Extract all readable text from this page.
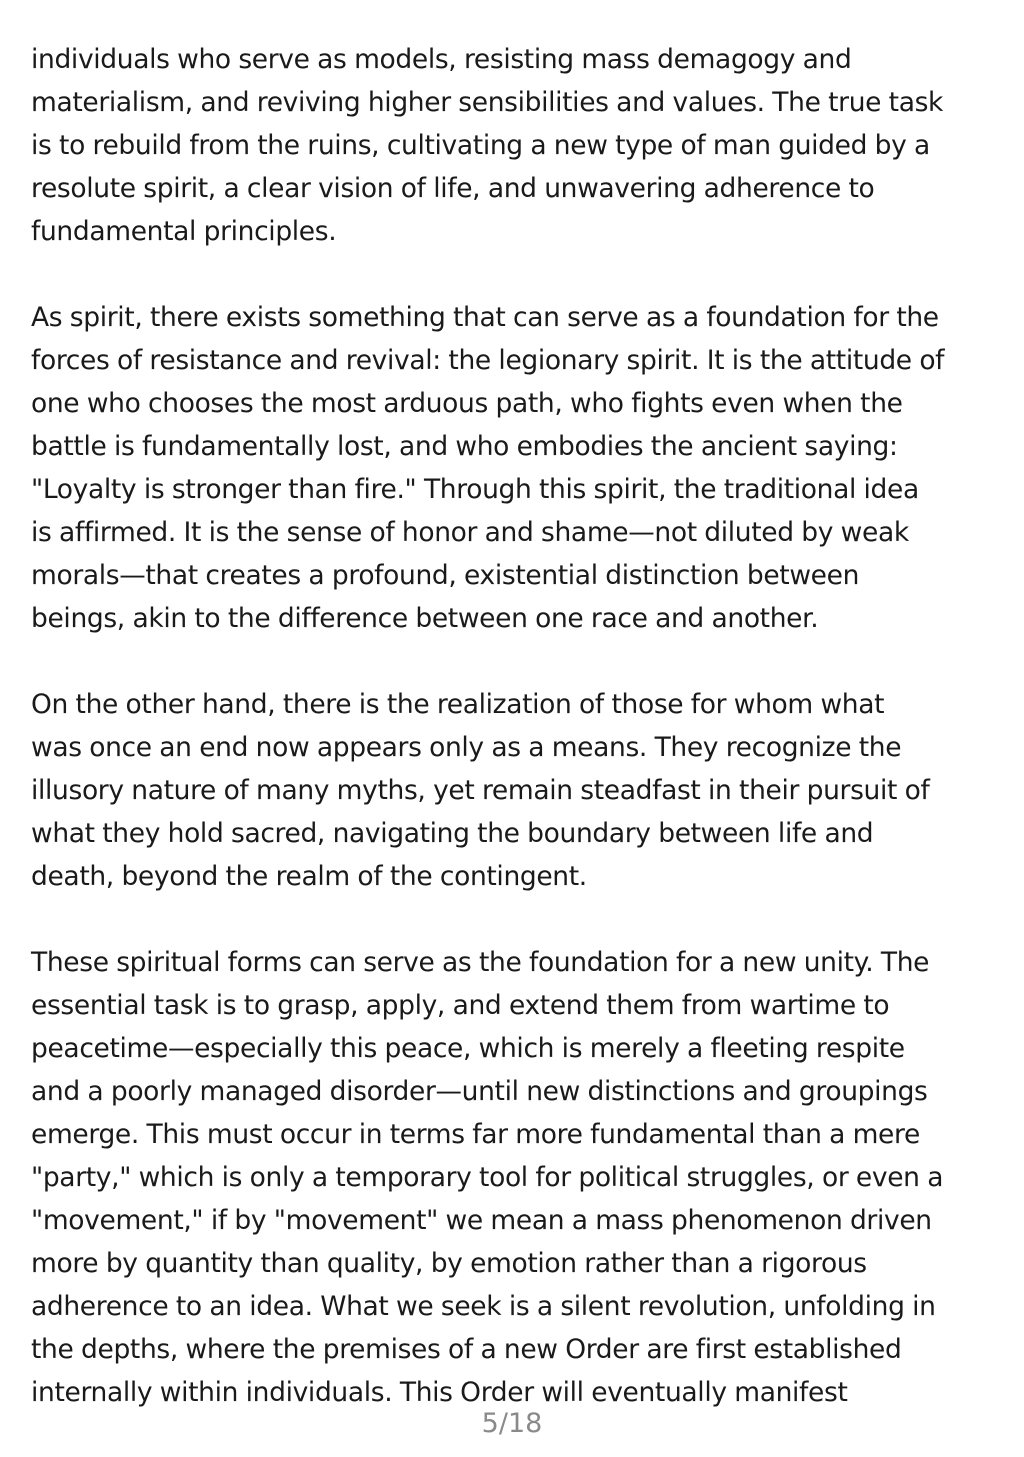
individuals who serve as models, resisting mass demagogy and
materialism, and reviving higher sensibilities and values. The true task
is to rebuild from the ruins, cultivating a new type of man guided by a
resolute spirit, a clear vision of life, and unwavering adherence to
fundamental principles.

As spirit, there exists something that can serve as a foundation for the
forces of resistance and revival: the legionary spirit. It is the attitude of
one who chooses the most arduous path, who fights even when the
battle is fundamentally lost, and who embodies the ancient saying:
"Loyalty is stronger than fire." Through this spirit, the traditional idea
is affirmed. It is the sense of honor and shame—not diluted by weak
morals—that creates a profound, existential distinction between
beings, akin to the difference between one race and another.

On the other hand, there is the realization of those for whom what
was once an end now appears only as a means. They recognize the
illusory nature of many myths, yet remain steadfast in their pursuit of
what they hold sacred, navigating the boundary between life and
death, beyond the realm of the contingent.

These spiritual forms can serve as the foundation for a new unity. The
essential task is to grasp, apply, and extend them from wartime to
peacetime—especially this peace, which is merely a fleeting respite
and a poorly managed disorder—until new distinctions and groupings
emerge. This must occur in terms far more fundamental than a mere
"party," which is only a temporary tool for political struggles, or even a
"movement," if by "movement" we mean a mass phenomenon driven
more by quantity than quality, by emotion rather than a rigorous
adherence to an idea. What we seek is a silent revolution, unfolding in
the depths, where the premises of a new Order are first established
internally within individuals. This Order will eventually manifest

5/18
